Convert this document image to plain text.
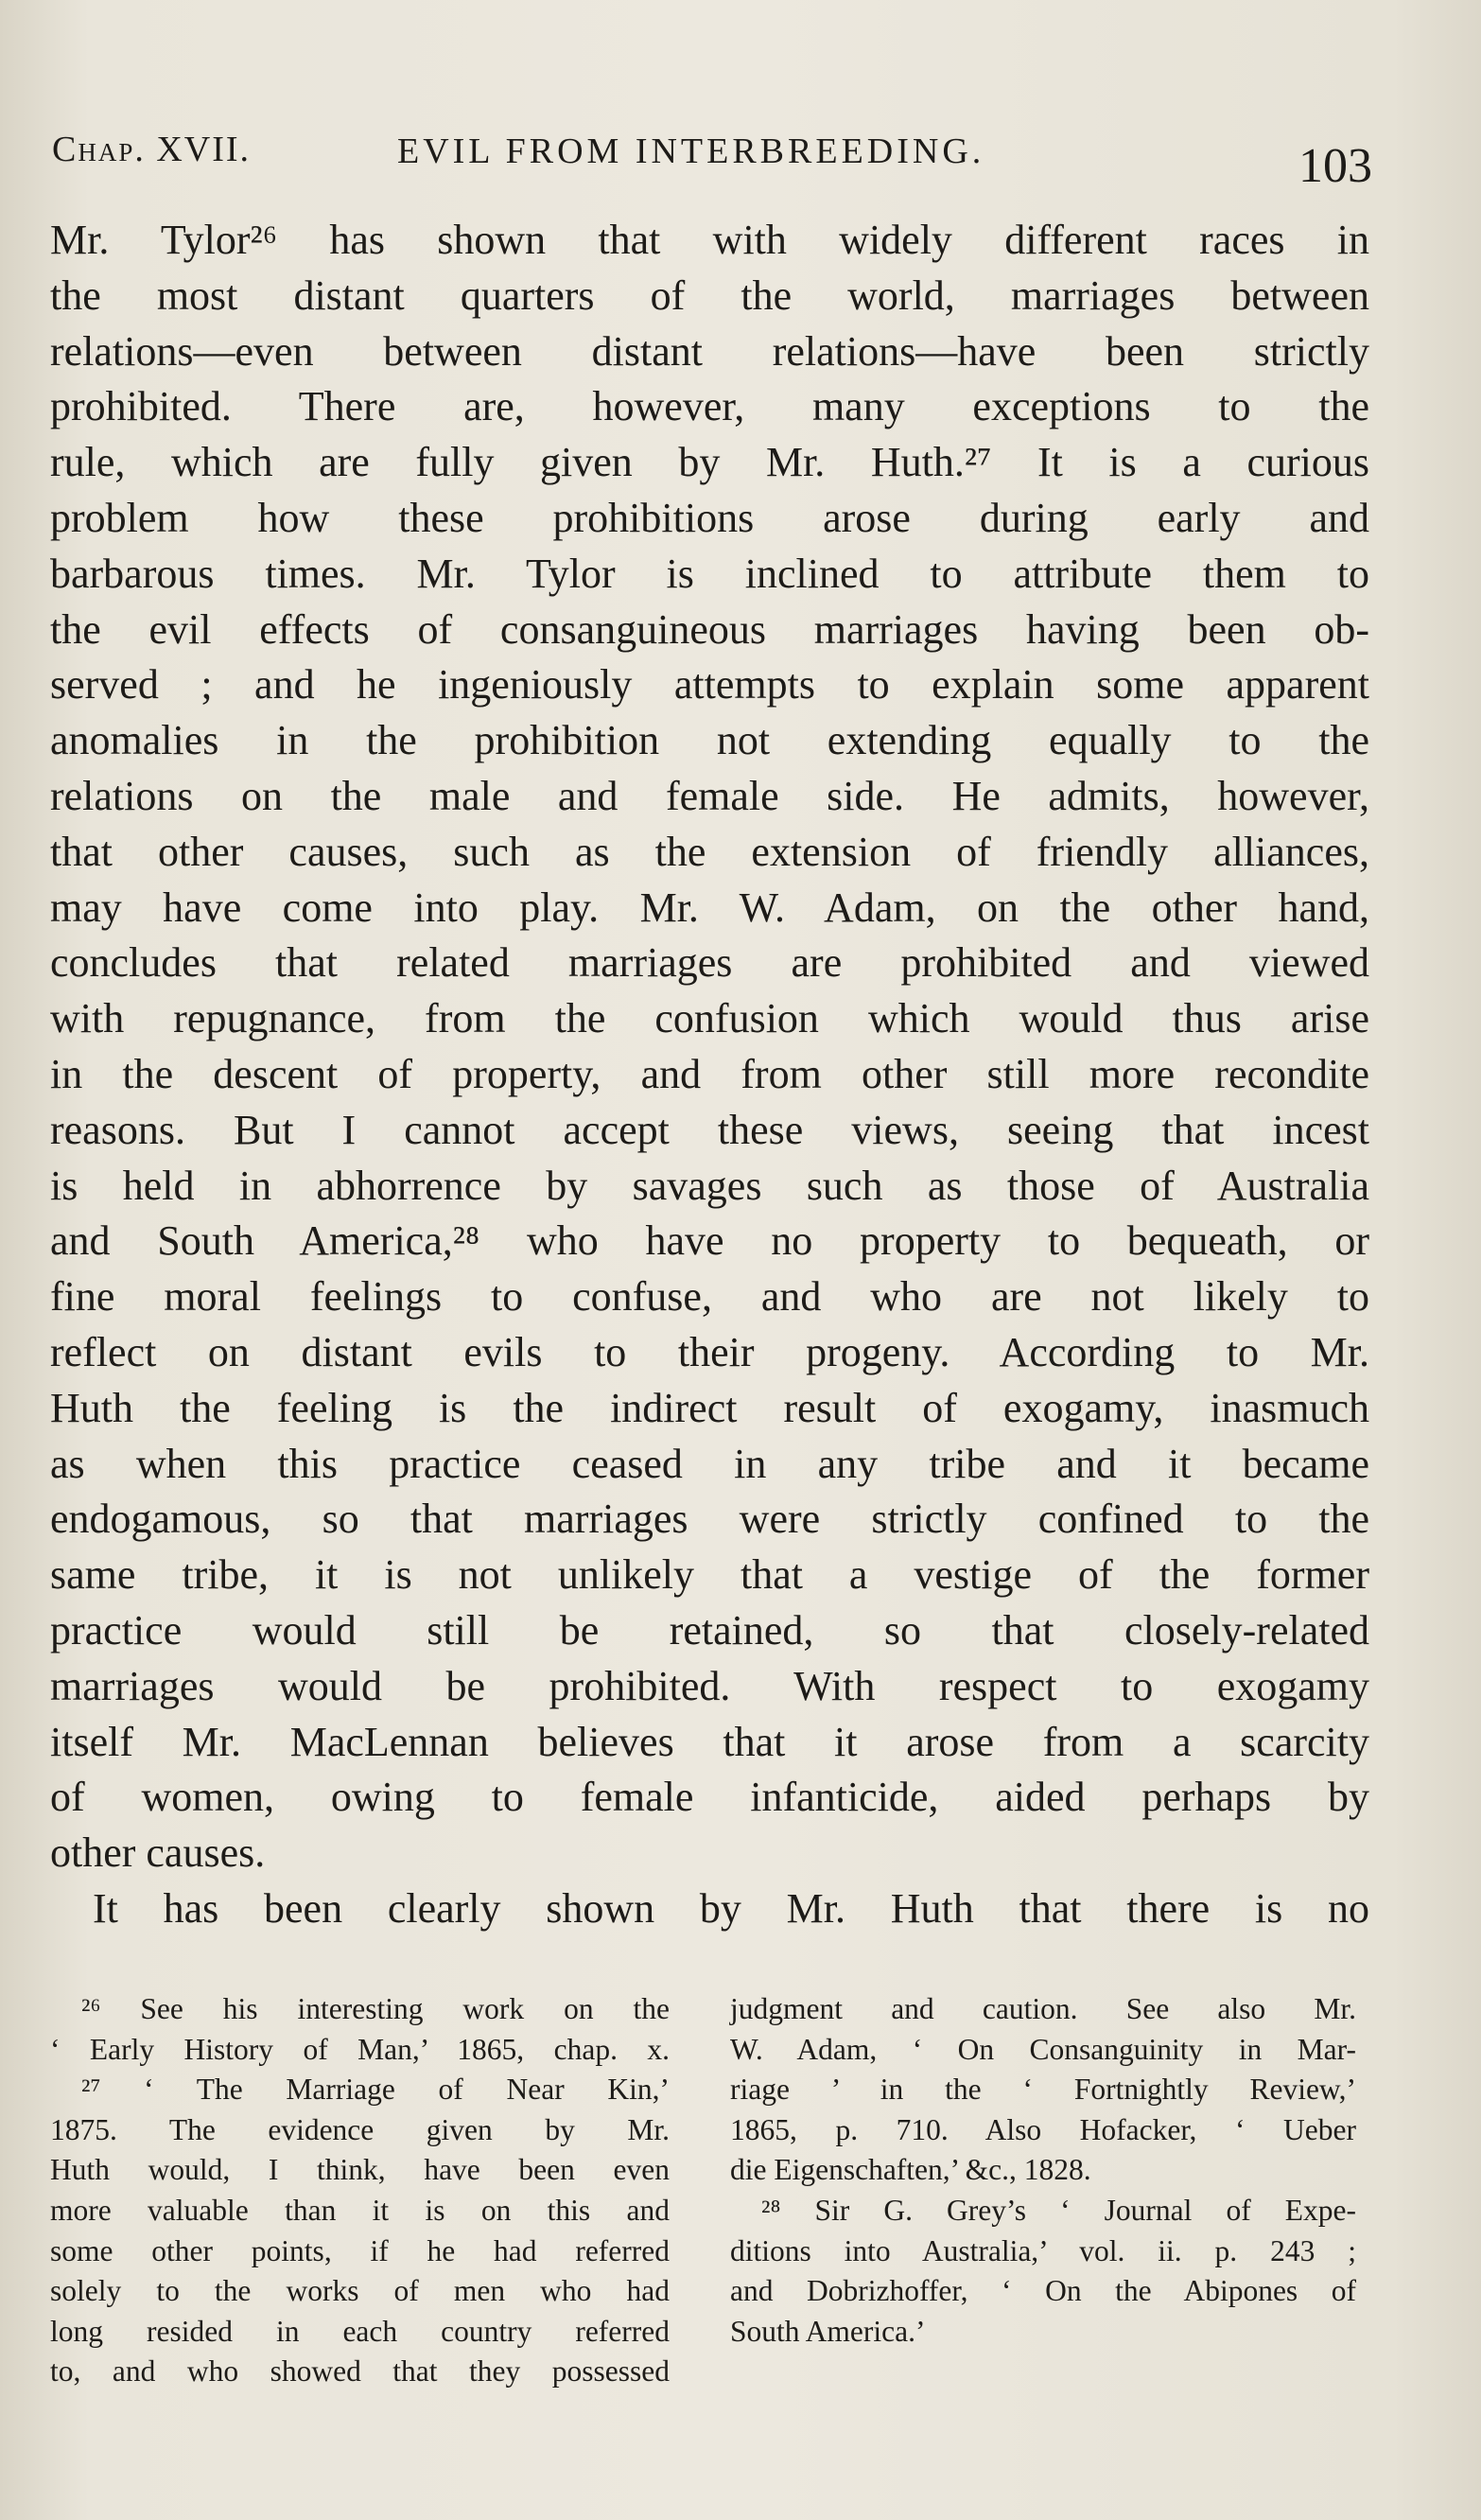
Chap. XVII.	EVIL FROM INTERBREEDING.	103
Mr. Tylor²⁶ has shown that with widely different races in
the most distant quarters of the world, marriages between
relations—even between distant relations—have been strictly
prohibited. There are, however, many exceptions to the
rule, which are fully given by Mr. Huth.²⁷ It is a curious
problem how these prohibitions arose during early and
barbarous times. Mr. Tylor is inclined to attribute them to
the evil effects of consanguineous marriages having been ob-
served ; and he ingeniously attempts to explain some apparent
anomalies in the prohibition not extending equally to the
relations on the male and female side. He admits, however,
that other causes, such as the extension of friendly alliances,
may have come into play. Mr. W. Adam, on the other hand,
concludes that related marriages are prohibited and viewed
with repugnance, from the confusion which would thus arise
in the descent of property, and from other still more recondite
reasons. But I cannot accept these views, seeing that incest
is held in abhorrence by savages such as those of Australia
and South America,²⁸ who have no property to bequeath, or
fine moral feelings to confuse, and who are not likely to
reflect on distant evils to their progeny. According to Mr.
Huth the feeling is the indirect result of exogamy, inasmuch
as when this practice ceased in any tribe and it became
endogamous, so that marriages were strictly confined to the
same tribe, it is not unlikely that a vestige of the former
practice would still be retained, so that closely-related
marriages would be prohibited. With respect to exogamy
itself Mr. MacLennan believes that it arose from a scarcity
of women, owing to female infanticide, aided perhaps by
other causes.
It has been clearly shown by Mr. Huth that there is no
²⁶ See his interesting work on the
‘ Early History of Man,’ 1865, chap. x.
²⁷ ‘ The Marriage of Near Kin,’
1875. The evidence given by Mr.
Huth would, I think, have been even
more valuable than it is on this and
some other points, if he had referred
solely to the works of men who had
long resided in each country referred
to, and who showed that they possessed
judgment and caution. See also Mr.
W. Adam, ‘ On Consanguinity in Mar-
riage ’ in the ‘ Fortnightly Review,’
1865, p. 710. Also Hofacker, ‘ Ueber
die Eigenschaften,’ &c., 1828.
²⁸ Sir G. Grey’s ‘ Journal of Expe-
ditions into Australia,’ vol. ii. p. 243 ;
and Dobrizhoffer, ‘ On the Abipones of
South America.’
